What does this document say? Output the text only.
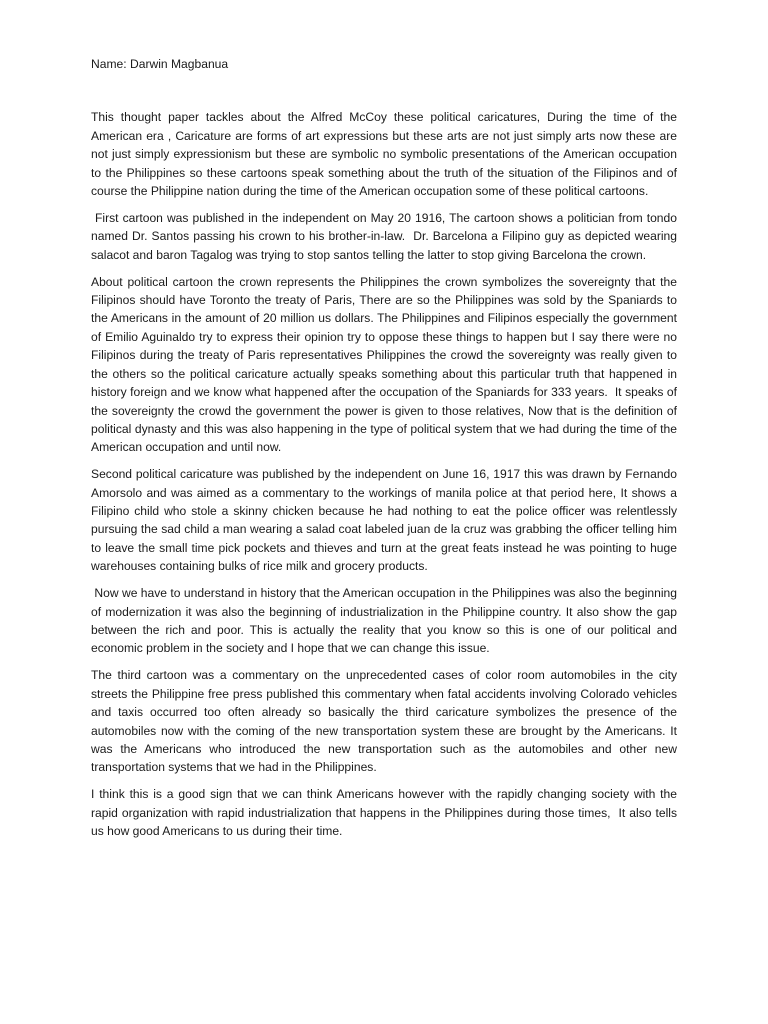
Name: Darwin Magbanua

This thought paper tackles about the Alfred McCoy these political caricatures, During the time of the American era , Caricature are forms of art expressions but these arts are not just simply arts now these are not just simply expressionism but these are symbolic no symbolic presentations of the American occupation to the Philippines so these cartoons speak something about the truth of the situation of the Filipinos and of course the Philippine nation during the time of the American occupation some of these political cartoons.

First cartoon was published in the independent on May 20 1916, The cartoon shows a politician from tondo named Dr. Santos passing his crown to his brother-in-law.  Dr. Barcelona a Filipino guy as depicted wearing salacot and baron Tagalog was trying to stop santos telling the latter to stop giving Barcelona the crown.

About political cartoon the crown represents the Philippines the crown symbolizes the sovereignty that the Filipinos should have Toronto the treaty of Paris, There are so the Philippines was sold by the Spaniards to the Americans in the amount of 20 million us dollars. The Philippines and Filipinos especially the government of Emilio Aguinaldo try to express their opinion try to oppose these things to happen but I say there were no Filipinos during the treaty of Paris representatives Philippines the crowd the sovereignty was really given to the others so the political caricature actually speaks something about this particular truth that happened in history foreign and we know what happened after the occupation of the Spaniards for 333 years.  It speaks of the sovereignty the crowd the government the power is given to those relatives, Now that is the definition of political dynasty and this was also happening in the type of political system that we had during the time of the American occupation and until now.

Second political caricature was published by the independent on June 16, 1917 this was drawn by Fernando Amorsolo and was aimed as a commentary to the workings of manila police at that period here, It shows a Filipino child who stole a skinny chicken because he had nothing to eat the police officer was relentlessly pursuing the sad child a man wearing a salad coat labeled juan de la cruz was grabbing the officer telling him to leave the small time pick pockets and thieves and turn at the great feats instead he was pointing to huge warehouses containing bulks of rice milk and grocery products.

Now we have to understand in history that the American occupation in the Philippines was also the beginning of modernization it was also the beginning of industrialization in the Philippine country. It also show the gap between the rich and poor. This is actually the reality that you know so this is one of our political and economic problem in the society and I hope that we can change this issue.

The third cartoon was a commentary on the unprecedented cases of color room automobiles in the city streets the Philippine free press published this commentary when fatal accidents involving Colorado vehicles and taxis occurred too often already so basically the third caricature symbolizes the presence of the automobiles now with the coming of the new transportation system these are brought by the Americans. It was the Americans who introduced the new transportation such as the automobiles and other new transportation systems that we had in the Philippines.

I think this is a good sign that we can think Americans however with the rapidly changing society with the rapid organization with rapid industrialization that happens in the Philippines during those times,  It also tells us how good Americans to us during their time.
